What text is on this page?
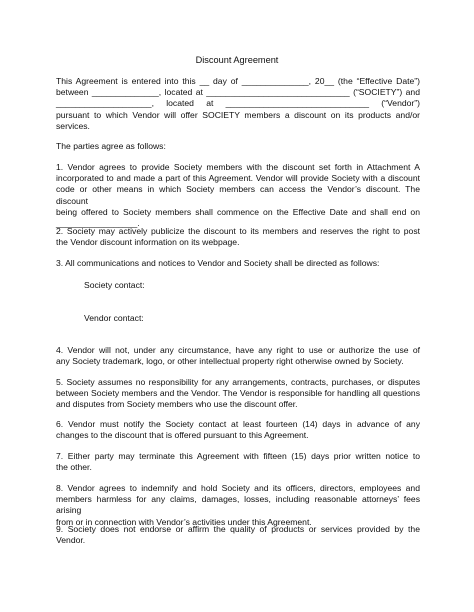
Discount Agreement
This Agreement is entered into this __ day of ______________, 20__ (the “Effective Date”)
between ______________, located at ______________________________ (“SOCIETY”) and
____________________, located at ______________________________ (“Vendor”)
pursuant to which Vendor will offer SOCIETY members a discount on its products and/or
services.
The parties agree as follows:
1. Vendor agrees to provide Society members with the discount set forth in Attachment A
incorporated to and made a part of this Agreement. Vendor will provide Society with a discount
code or other means in which Society members can access the Vendor’s discount. The discount
being offered to Society members shall commence on the Effective Date and shall end on
_________________.
2. Society may actively publicize the discount to its members and reserves the right to post
the Vendor discount information on its webpage.
3. All communications and notices to Vendor and Society shall be directed as follows:
Society contact:
Vendor contact:
4. Vendor will not, under any circumstance, have any right to use or authorize the use of
any Society trademark, logo, or other intellectual property right otherwise owned by Society.
5. Society assumes no responsibility for any arrangements, contracts, purchases, or disputes
between Society members and the Vendor. The Vendor is responsible for handling all questions
and disputes from Society members who use the discount offer.
6. Vendor must notify the Society contact at least fourteen (14) days in advance of any
changes to the discount that is offered pursuant to this Agreement.
7. Either party may terminate this Agreement with fifteen (15) days prior written notice to
the other.
8. Vendor agrees to indemnify and hold Society and its officers, directors, employees and
members harmless for any claims, damages, losses, including reasonable attorneys’ fees arising
from or in connection with Vendor’s activities under this Agreement.
9. Society does not endorse or affirm the quality of products or services provided by the
Vendor.
